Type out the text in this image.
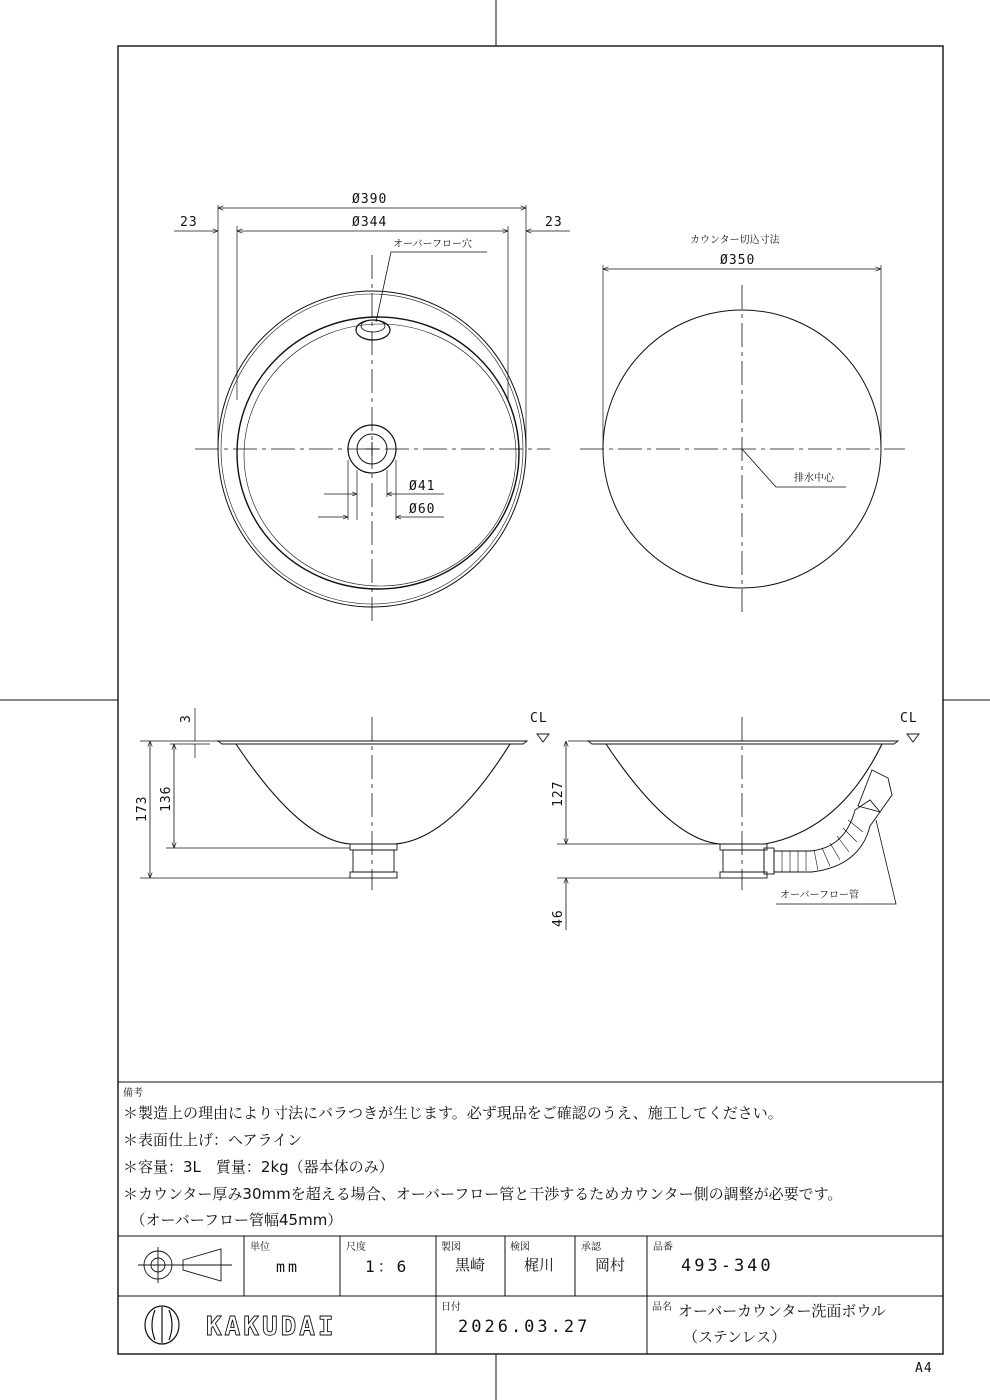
Ø390
Ø344
23	23
オーバーフロー穴
Ø41
Ø60
カウンター切込寸法
Ø350
排水中心
CL
3
136
173
CL
127
46
オーバーフロー管
備考
＊製造上の理由により寸法にバラつきが生じます。必ず現品をご確認のうえ、施工してください。
＊表面仕上げ：ヘアライン
＊容量：3L　質量：2kg（器本体のみ）
＊カウンター厚み30mmを超える場合、オーバーフロー管と干渉するためカウンター側の調整が必要です。
　（オーバーフロー管幅45mm）
単位
mm
尺度
1：6
製図
黒崎
検図
梶川
承認
岡村
品番
493-340
KAKUDAI
日付
2026.03.27
品名 オーバーカウンター洗面ボウル
（ステンレス）
A4
